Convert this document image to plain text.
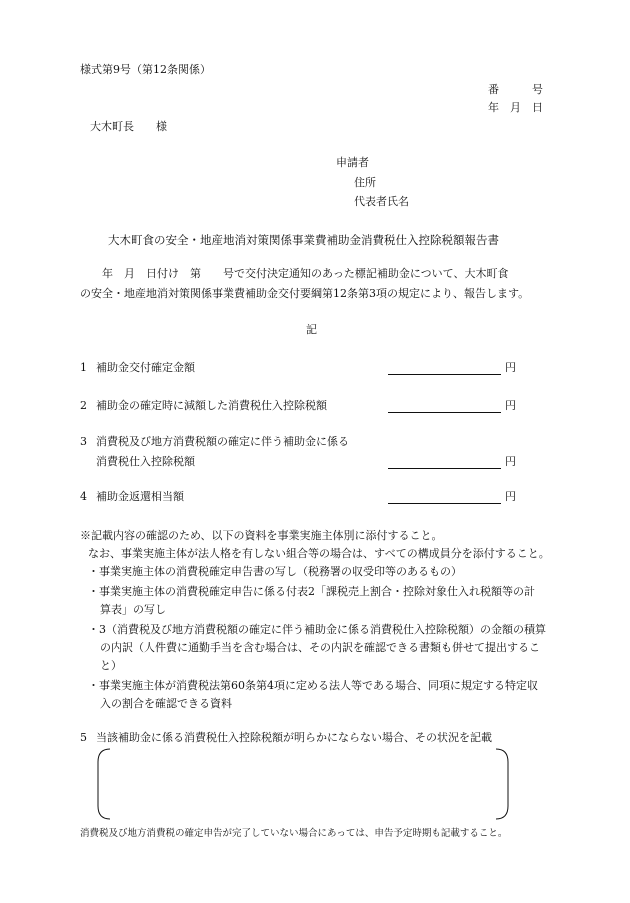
様式第9号（第12条関係）
番　　　号
年　月　日
大木町長　　様
申請者
住所
代表者氏名
大木町食の安全・地産地消対策関係事業費補助金消費税仕入控除税額報告書
　　年　月　日付け　第　　号で交付決定通知のあった標記補助金について、大木町食
の安全・地産地消対策関係事業費補助金交付要綱第12条第3項の規定により、報告します。
記
1 補助金交付確定金額	円
2 補助金の確定時に減額した消費税仕入控除税額	円
3 消費税及び地方消費税額の確定に伴う補助金に係る
消費税仕入控除税額	円
4 補助金返還相当額	円
※記載内容の確認のため、以下の資料を事業実施主体別に添付すること。
なお、事業実施主体が法人格を有しない組合等の場合は、すべての構成員分を添付すること。
・事業実施主体の消費税確定申告書の写し（税務署の収受印等のあるもの）
・事業実施主体の消費税確定申告に係る付表2「課税売上割合・控除対象仕入れ税額等の計
算表」の写し
・3（消費税及び地方消費税額の確定に伴う補助金に係る消費税仕入控除税額）の金額の積算
の内訳（人件費に通勤手当を含む場合は、その内訳を確認できる書類も併せて提出するこ
と）
・事業実施主体が消費税法第60条第4項に定める法人等である場合、同項に規定する特定収
入の割合を確認できる資料
5 当該補助金に係る消費税仕入控除税額が明らかにならない場合、その状況を記載
消費税及び地方消費税の確定申告が完了していない場合にあっては、申告予定時期も記載すること。
